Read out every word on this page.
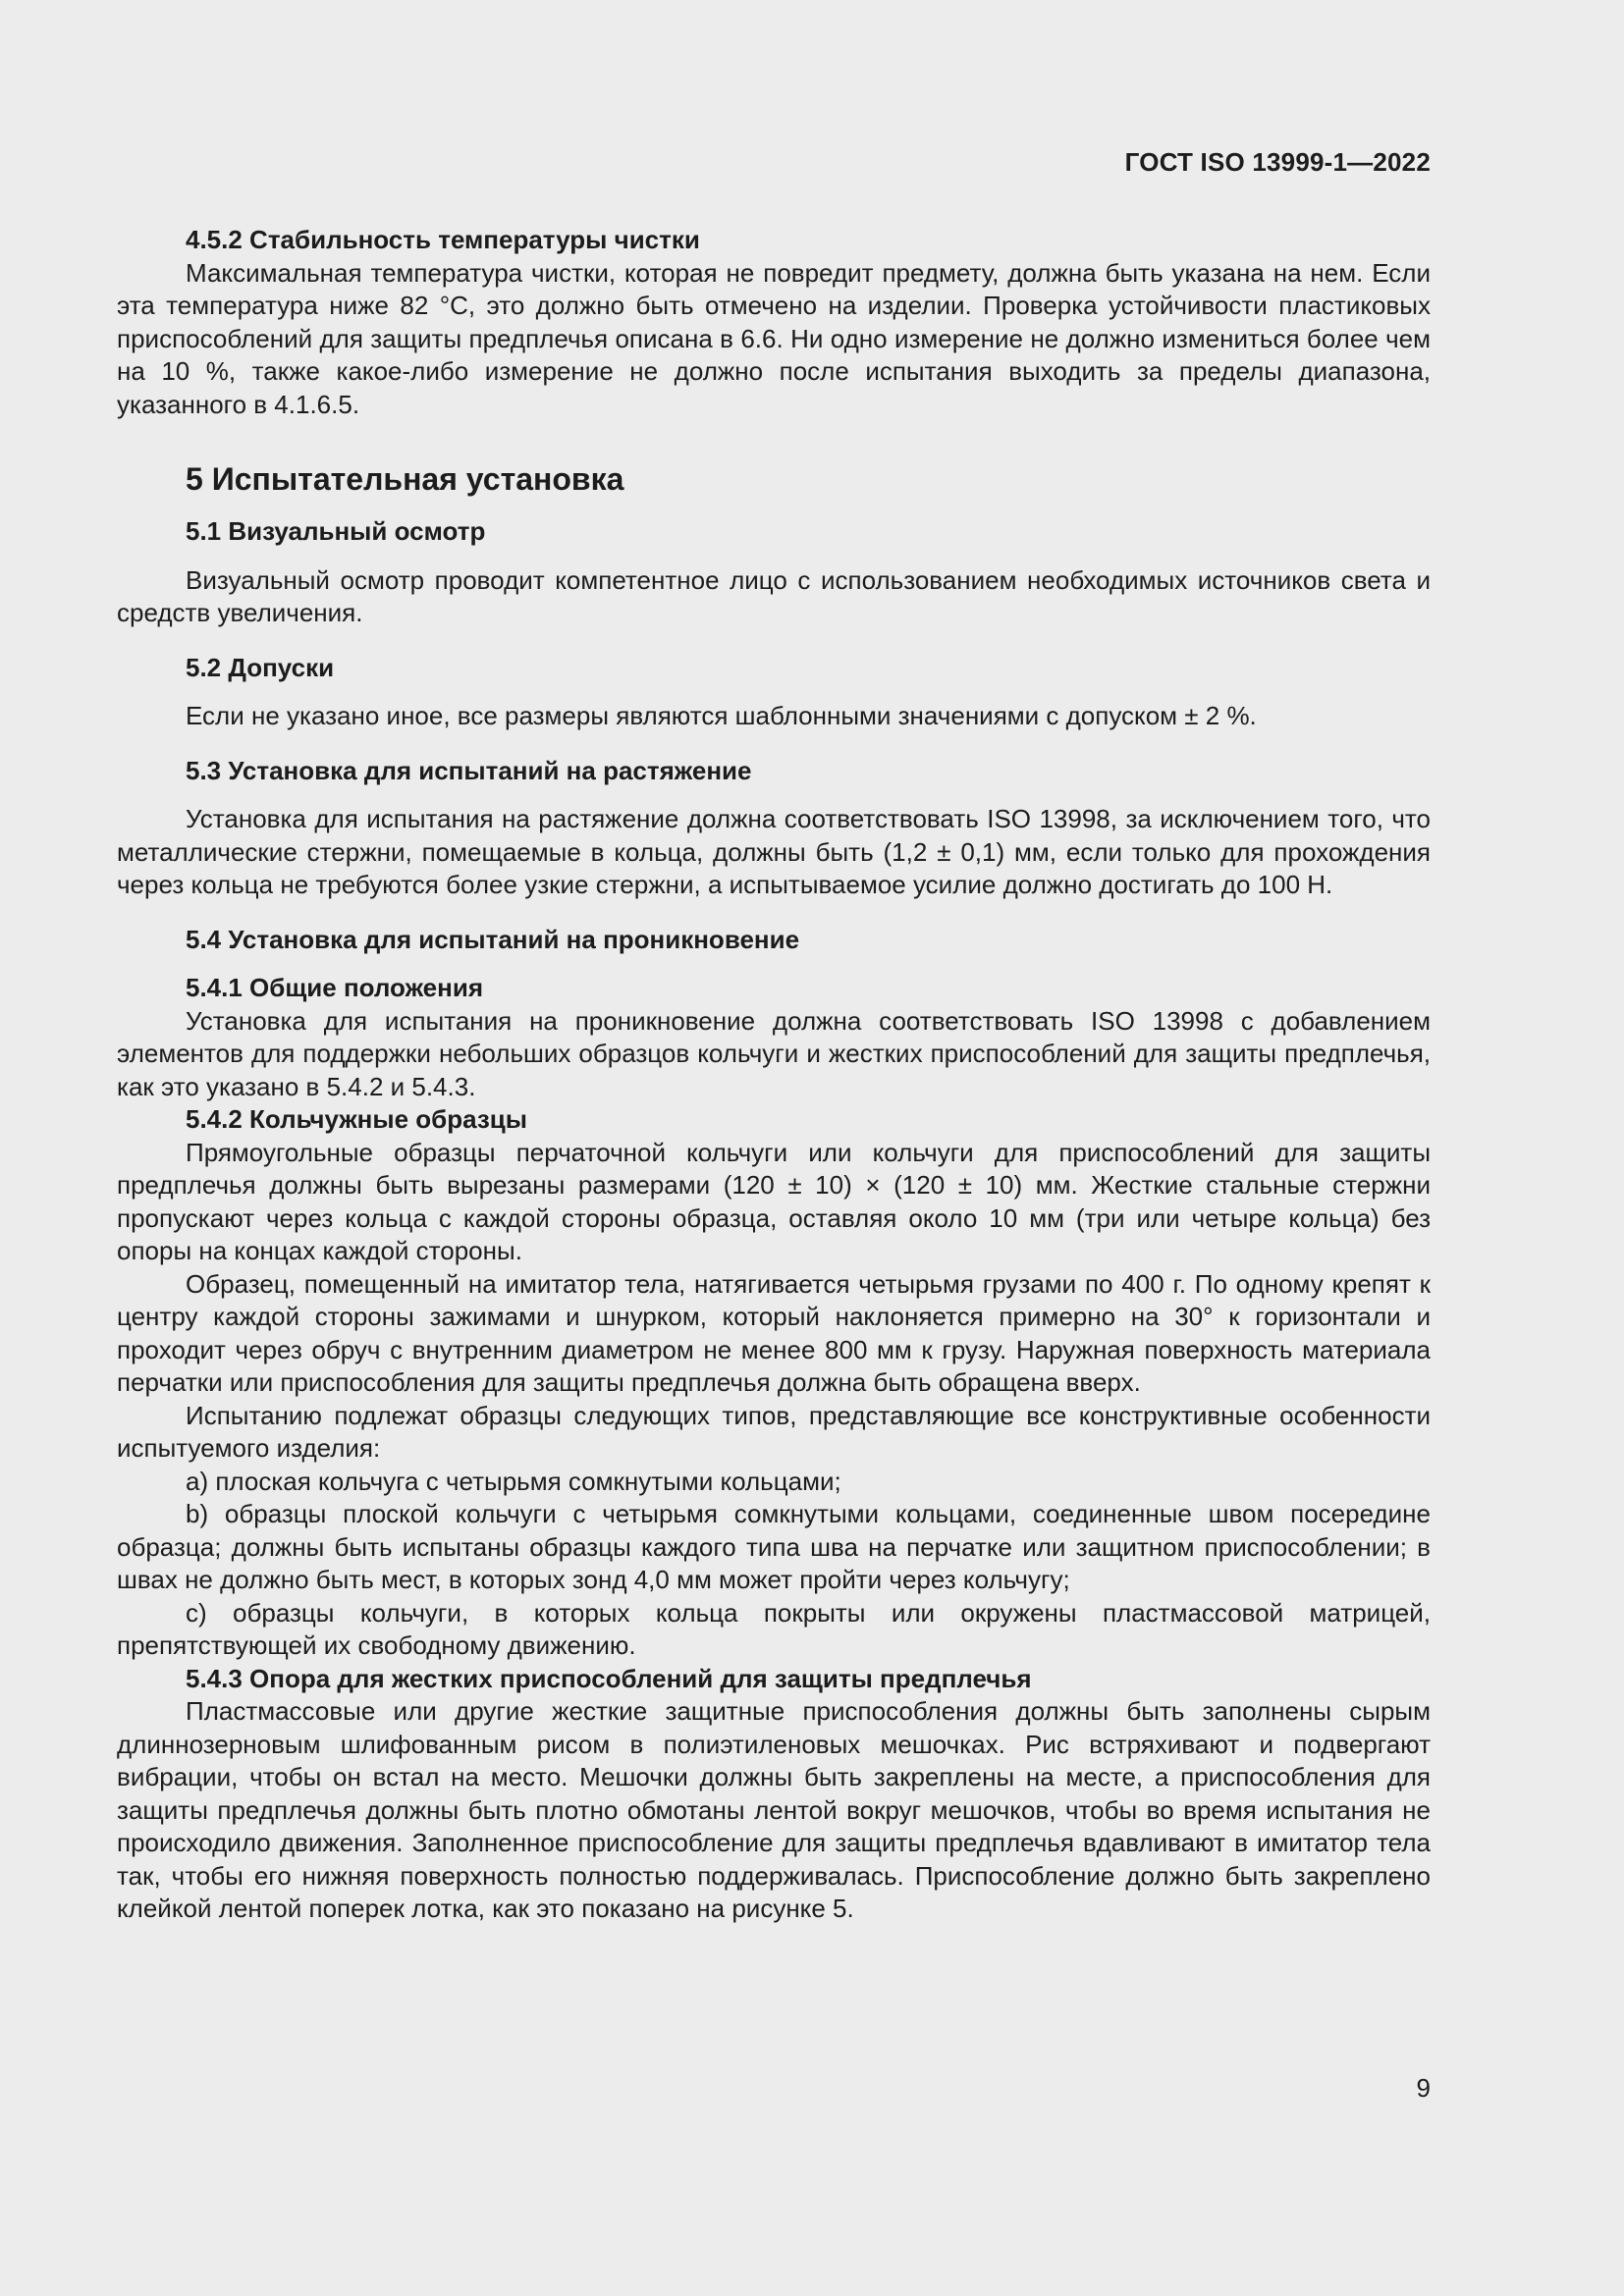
ГОСТ ISO 13999-1—2022
4.5.2 Стабильность температуры чистки

Максимальная температура чистки, которая не повредит предмету, должна быть указана на нем. Если эта температура ниже 82 °С, это должно быть отмечено на изделии. Проверка устойчивости пластиковых приспособлений для защиты предплечья описана в 6.6. Ни одно измерение не должно измениться более чем на 10 %, также какое-либо измерение не должно после испытания выходить за пределы диапазона, указанного в 4.1.6.5.

5 Испытательная установка
5.1 Визуальный осмотр

Визуальный осмотр проводит компетентное лицо с использованием необходимых источников света и средств увеличения.

5.2 Допуски

Если не указано иное, все размеры являются шаблонными значениями с допуском ± 2 %.

5.3 Установка для испытаний на растяжение

Установка для испытания на растяжение должна соответствовать ISO 13998, за исключением того, что металлические стержни, помещаемые в кольца, должны быть (1,2 ± 0,1) мм, если только для прохождения через кольца не требуются более узкие стержни, а испытываемое усилие должно достигать до 100 Н.

5.4 Установка для испытаний на проникновение
5.4.1 Общие положения

Установка для испытания на проникновение должна соответствовать ISO 13998 с добавлением элементов для поддержки небольших образцов кольчуги и жестких приспособлений для защиты предплечья, как это указано в 5.4.2 и 5.4.3.

5.4.2 Кольчужные образцы

Прямоугольные образцы перчаточной кольчуги или кольчуги для приспособлений для защиты предплечья должны быть вырезаны размерами (120 ± 10) × (120 ± 10) мм. Жесткие стальные стержни пропускают через кольца с каждой стороны образца, оставляя около 10 мм (три или четыре кольца) без опоры на концах каждой стороны.

Образец, помещенный на имитатор тела, натягивается четырьмя грузами по 400 г. По одному крепят к центру каждой стороны зажимами и шнурком, который наклоняется примерно на 30° к горизонтали и проходит через обруч с внутренним диаметром не менее 800 мм к грузу. Наружная поверхность материала перчатки или приспособления для защиты предплечья должна быть обращена вверх.

Испытанию подлежат образцы следующих типов, представляющие все конструктивные особенности испытуемого изделия:

a) плоская кольчуга с четырьмя сомкнутыми кольцами;

b) образцы плоской кольчуги с четырьмя сомкнутыми кольцами, соединенные швом посередине образца; должны быть испытаны образцы каждого типа шва на перчатке или защитном приспособлении; в швах не должно быть мест, в которых зонд 4,0 мм может пройти через кольчугу;

c) образцы кольчуги, в которых кольца покрыты или окружены пластмассовой матрицей, препятствующей их свободному движению.

5.4.3 Опора для жестких приспособлений для защиты предплечья

Пластмассовые или другие жесткие защитные приспособления должны быть заполнены сырым длиннозерновым шлифованным рисом в полиэтиленовых мешочках. Рис встряхивают и подвергают вибрации, чтобы он встал на место. Мешочки должны быть закреплены на месте, а приспособления для защиты предплечья должны быть плотно обмотаны лентой вокруг мешочков, чтобы во время испытания не происходило движения. Заполненное приспособление для защиты предплечья вдавливают в имитатор тела так, чтобы его нижняя поверхность полностью поддерживалась. Приспособление должно быть закреплено клейкой лентой поперек лотка, как это показано на рисунке 5.

9
